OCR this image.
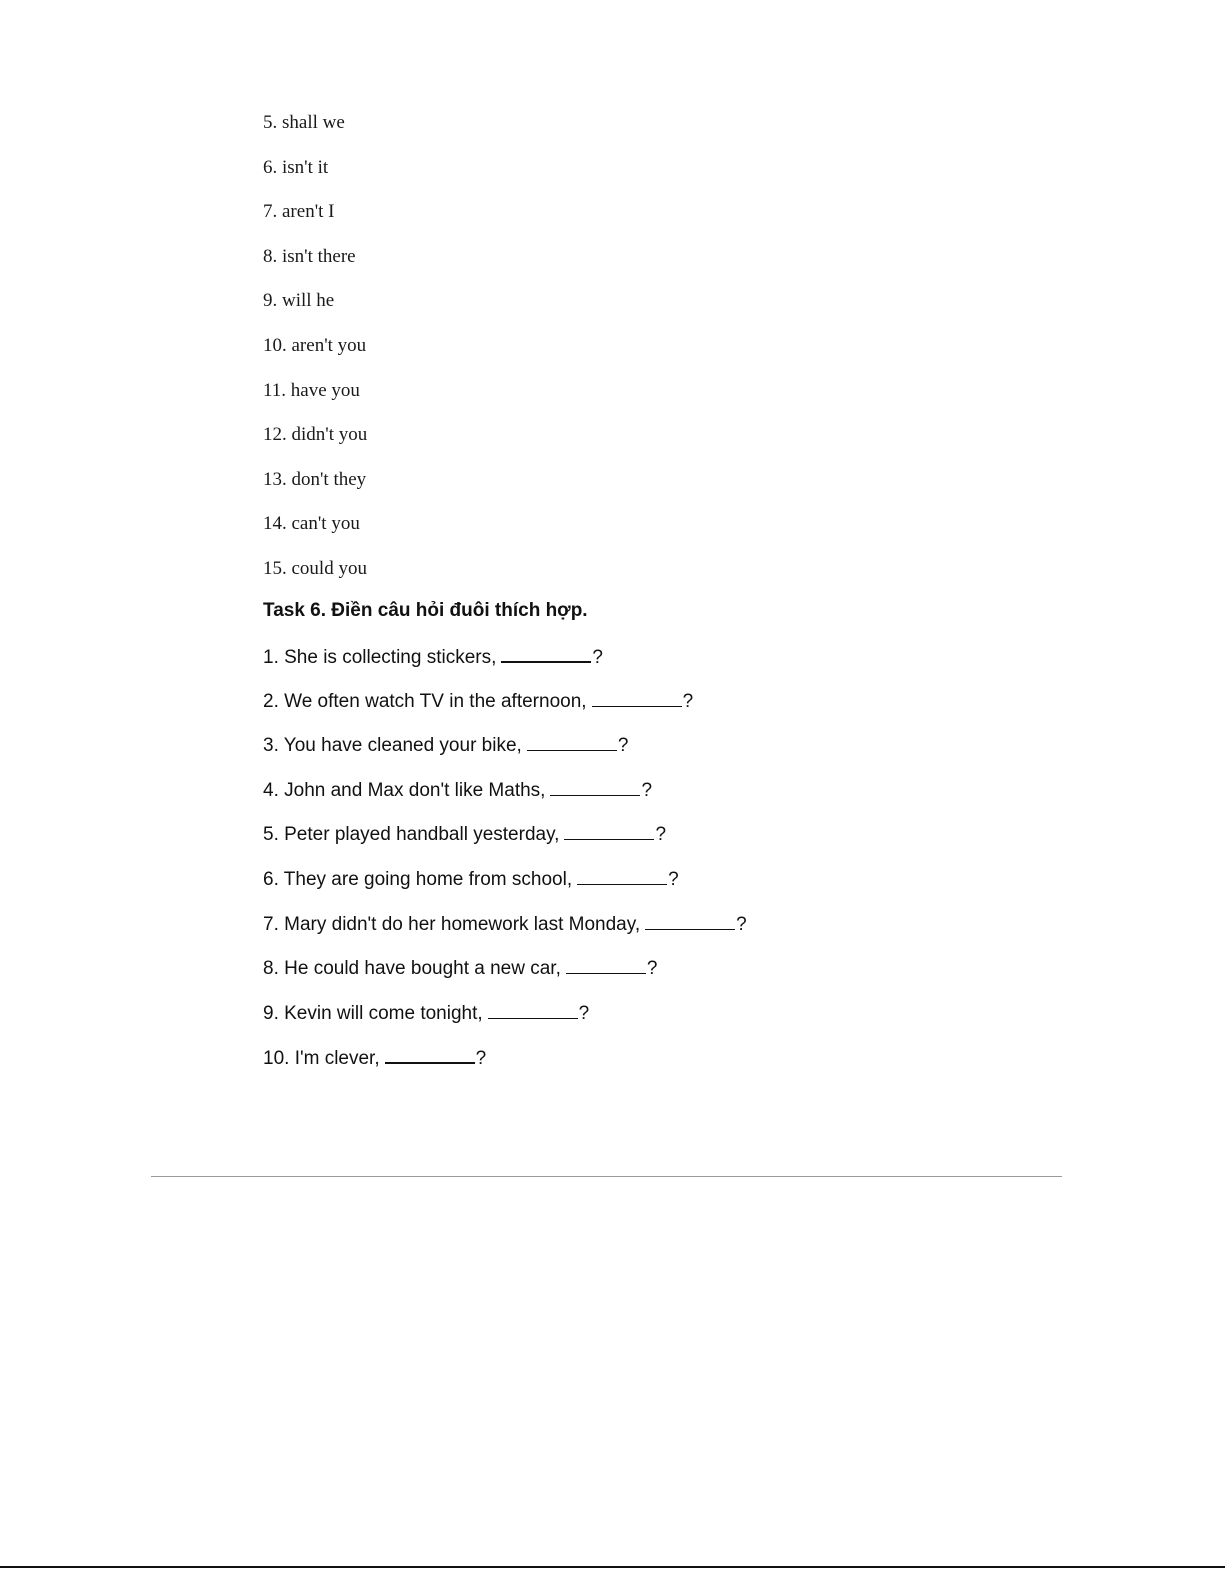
5. shall we
6. isn't it
7. aren't I
8. isn't there
9. will he
10. aren't you
11. have you
12. didn't you
13. don't they
14. can't you
15. could you
Task 6. Điền câu hỏi đuôi thích hợp.
1. She is collecting stickers,	?
2. We often watch TV in the afternoon,	?
3. You have cleaned your bike,	?
4. John and Max don't like Maths,	?
5. Peter played handball yesterday,	?
6. They are going home from school,	?
7. Mary didn't do her homework last Monday,	?
8. He could have bought a new car,	?
9. Kevin will come tonight,	?
10. I'm clever,	?
